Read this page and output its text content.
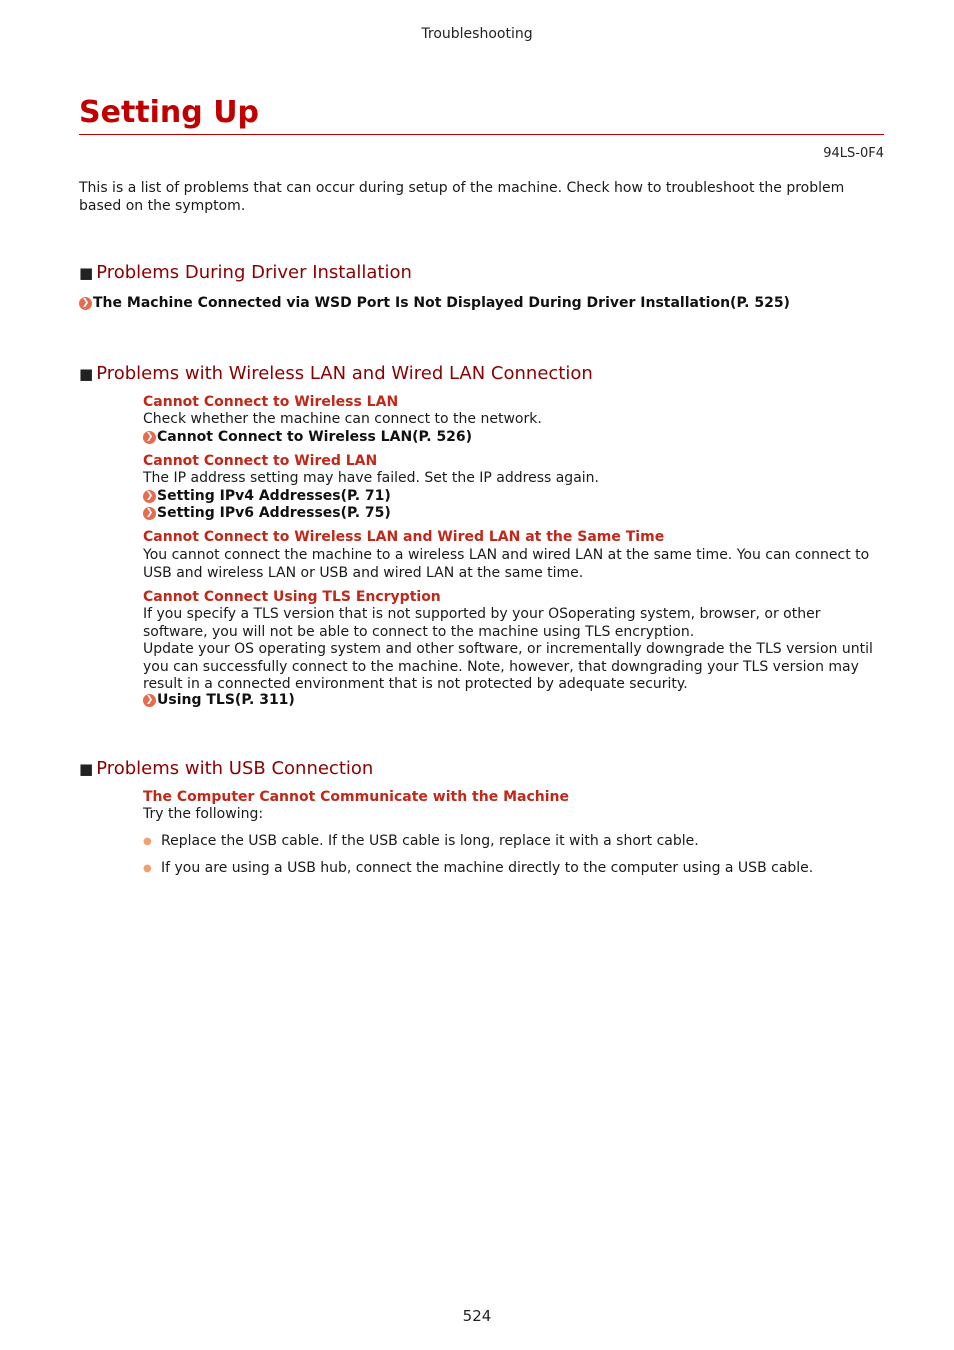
Troubleshooting
Setting Up
94LS-0F4
This is a list of problems that can occur during setup of the machine. Check how to troubleshoot the problem based on the symptom.
■ Problems During Driver Installation
❯ The Machine Connected via WSD Port Is Not Displayed During Driver Installation(P. 525)
■ Problems with Wireless LAN and Wired LAN Connection
Cannot Connect to Wireless LAN
Check whether the machine can connect to the network.
❯ Cannot Connect to Wireless LAN(P. 526)
Cannot Connect to Wired LAN
The IP address setting may have failed. Set the IP address again.
❯ Setting IPv4 Addresses(P. 71)
❯ Setting IPv6 Addresses(P. 75)
Cannot Connect to Wireless LAN and Wired LAN at the Same Time
You cannot connect the machine to a wireless LAN and wired LAN at the same time. You can connect to USB and wireless LAN or USB and wired LAN at the same time.
Cannot Connect Using TLS Encryption
If you specify a TLS version that is not supported by your OSoperating system, browser, or other software, you will not be able to connect to the machine using TLS encryption.
Update your OS operating system and other software, or incrementally downgrade the TLS version until you can successfully connect to the machine. Note, however, that downgrading your TLS version may result in a connected environment that is not protected by adequate security.
❯ Using TLS(P. 311)
■ Problems with USB Connection
The Computer Cannot Communicate with the Machine
Try the following:
● Replace the USB cable. If the USB cable is long, replace it with a short cable.
● If you are using a USB hub, connect the machine directly to the computer using a USB cable.
524
